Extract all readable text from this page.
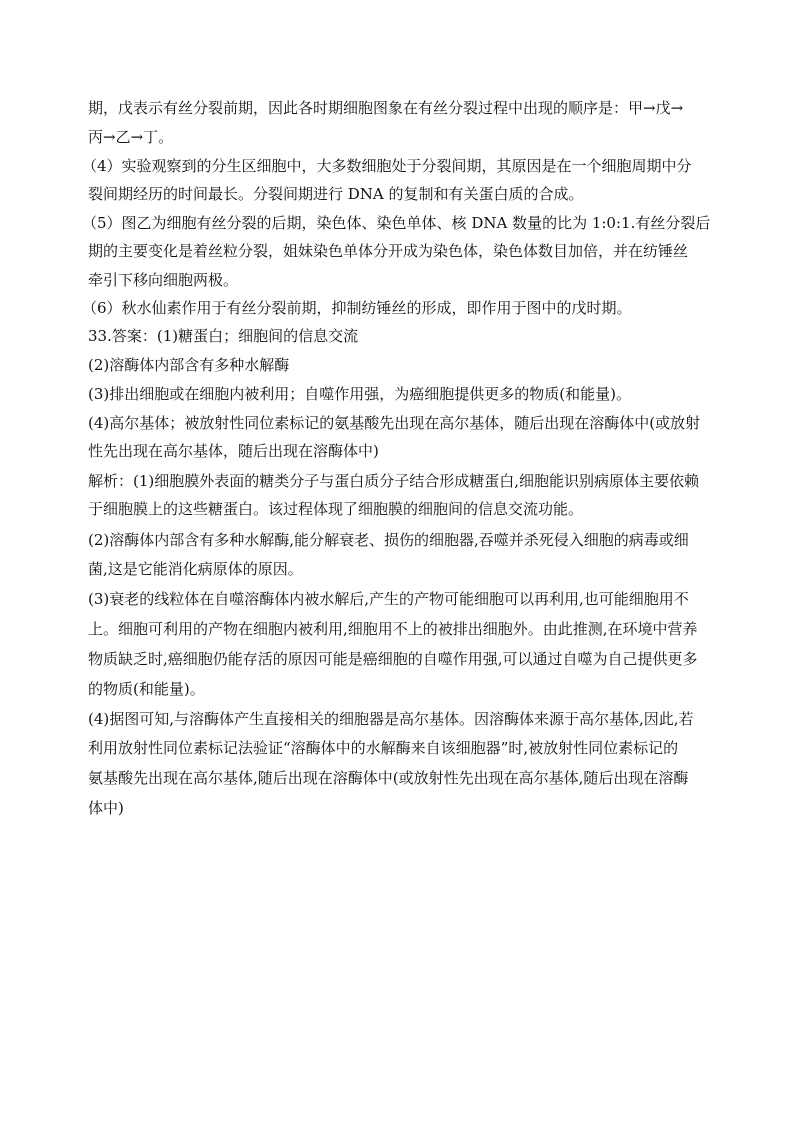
期，戊表示有丝分裂前期，因此各时期细胞图象在有丝分裂过程中出现的顺序是：甲→戊→
丙→乙→丁。
（4）实验观察到的分生区细胞中，大多数细胞处于分裂间期，其原因是在一个细胞周期中分
裂间期经历的时间最长。分裂间期进行 DNA 的复制和有关蛋白质的合成。
（5）图乙为细胞有丝分裂的后期，染色体、染色单体、核 DNA 数量的比为 1:0:1.有丝分裂后
期的主要变化是着丝粒分裂，姐妹染色单体分开成为染色体，染色体数目加倍，并在纺锤丝
牵引下移向细胞两极。
（6）秋水仙素作用于有丝分裂前期，抑制纺锤丝的形成，即作用于图中的戊时期。
33.答案：(1)糖蛋白；细胞间的信息交流
(2)溶酶体内部含有多种水解酶
(3)排出细胞或在细胞内被利用；自噬作用强，为癌细胞提供更多的物质(和能量)。
(4)高尔基体；被放射性同位素标记的氨基酸先出现在高尔基体，随后出现在溶酶体中(或放射
性先出现在高尔基体，随后出现在溶酶体中)
解析：(1)细胞膜外表面的糖类分子与蛋白质分子结合形成糖蛋白,细胞能识别病原体主要依赖
于细胞膜上的这些糖蛋白。该过程体现了细胞膜的细胞间的信息交流功能。
(2)溶酶体内部含有多种水解酶,能分解衰老、损伤的细胞器,吞噬并杀死侵入细胞的病毒或细
菌,这是它能消化病原体的原因。
(3)衰老的线粒体在自噬溶酶体内被水解后,产生的产物可能细胞可以再利用,也可能细胞用不
上。细胞可利用的产物在细胞内被利用,细胞用不上的被排出细胞外。由此推测,在环境中营养
物质缺乏时,癌细胞仍能存活的原因可能是癌细胞的自噬作用强,可以通过自噬为自己提供更多
的物质(和能量)。
(4)据图可知,与溶酶体产生直接相关的细胞器是高尔基体。因溶酶体来源于高尔基体,因此,若
利用放射性同位素标记法验证“溶酶体中的水解酶来自该细胞器”时,被放射性同位素标记的
氨基酸先出现在高尔基体,随后出现在溶酶体中(或放射性先出现在高尔基体,随后出现在溶酶
体中)
